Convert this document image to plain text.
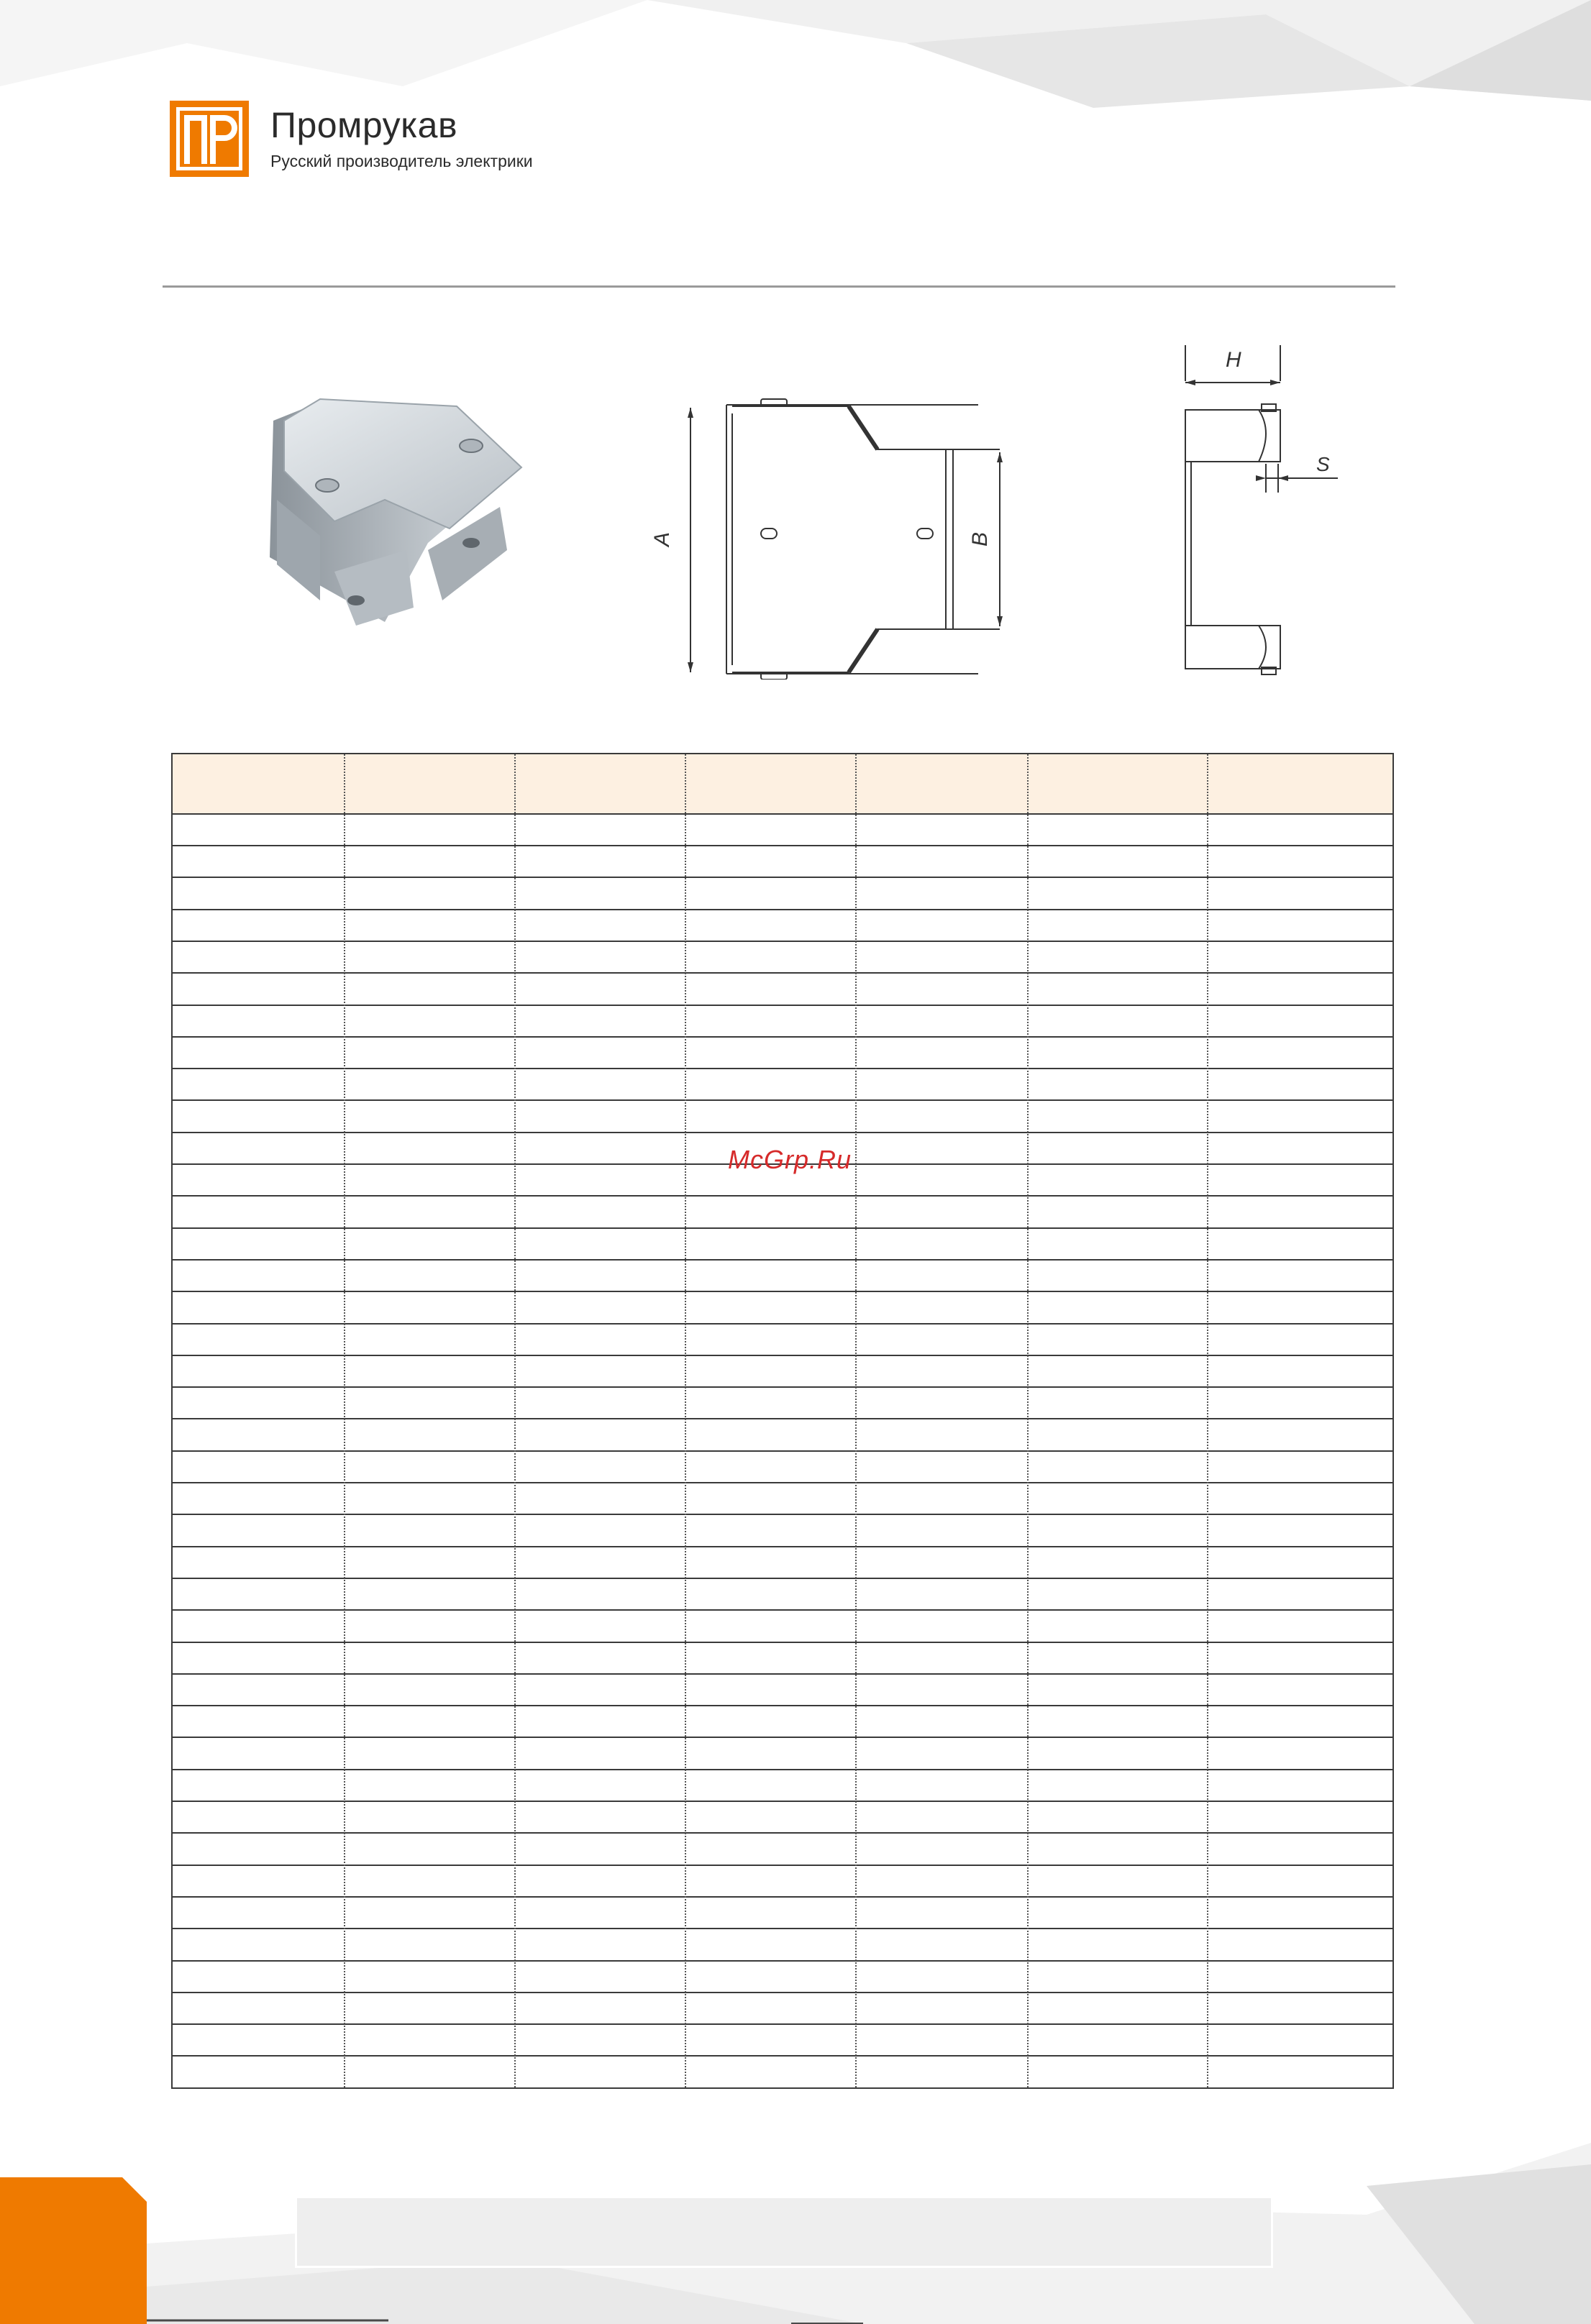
Промрукав
Русский производитель электрики
A	B
H
S
McGrp.Ru
